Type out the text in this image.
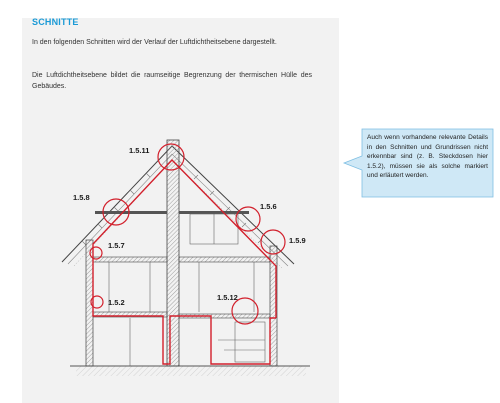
SCHNITTE

In den folgenden Schnitten wird der Verlauf der Luftdichtheitsebene dargestellt.

Die Luftdichtheitsebene bildet die raumseitige Begrenzung der thermischen Hülle des Gebäudes.

1.5.11
1.5.8
1.5.6
1.5.7
1.5.9
1.5.2
1.5.12

Auch wenn vorhandene relevante Details in den Schnitten und Grundrissen nicht erkennbar sind (z. B. Steckdosen hier 1.5.2), müssen sie als solche markiert und erläutert werden.
